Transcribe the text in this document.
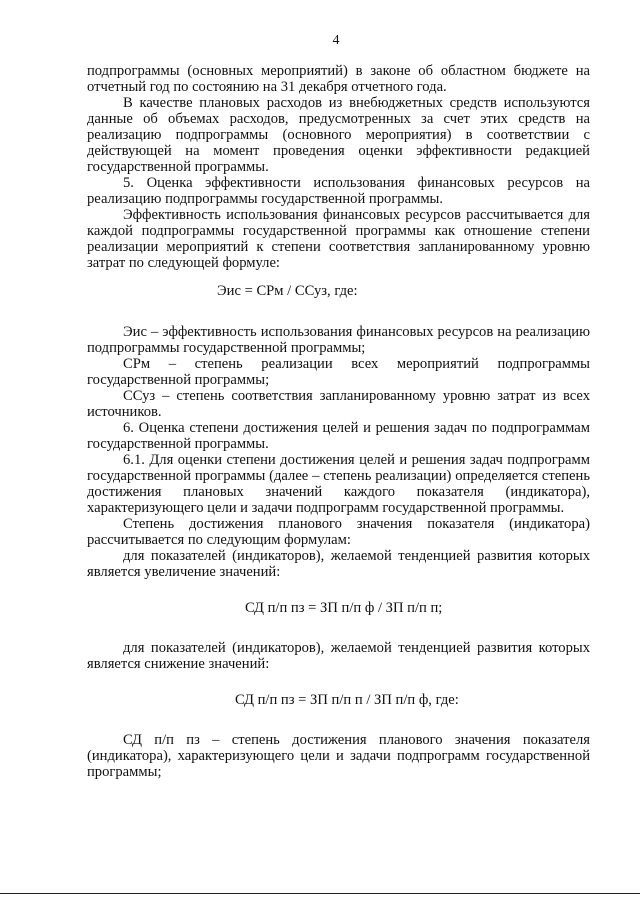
4

подпрограммы (основных мероприятий) в законе об областном бюджете на отчетный год по состоянию на 31 декабря отчетного года.

В качестве плановых расходов из внебюджетных средств используются данные об объемах расходов, предусмотренных за счет этих средств на реализацию подпрограммы (основного мероприятия) в соответствии с действующей на момент проведения оценки эффективности редакцией государственной программы.

5. Оценка эффективности использования финансовых ресурсов на реализацию подпрограммы государственной программы.

Эффективность использования финансовых ресурсов рассчитывается для каждой подпрограммы государственной программы как отношение степени реализации мероприятий к степени соответствия запланированному уровню затрат по следующей формуле:

Эис = СРм / ССуз, где:

Эис – эффективность использования финансовых ресурсов на реализацию подпрограммы государственной программы;

СРм – степень реализации всех мероприятий подпрограммы государственной программы;

ССуз – степень соответствия запланированному уровню затрат из всех источников.

6. Оценка степени достижения целей и решения задач по подпрограммам государственной программы.

6.1. Для оценки степени достижения целей и решения задач подпрограмм государственной программы (далее – степень реализации) определяется степень достижения плановых значений каждого показателя (индикатора), характеризующего цели и задачи подпрограмм государственной программы.

Степень достижения планового значения показателя (индикатора) рассчитывается по следующим формулам:

для показателей (индикаторов), желаемой тенденцией развития которых является увеличение значений:

СД п/п пз = ЗП п/п ф / ЗП п/п п;

для показателей (индикаторов), желаемой тенденцией развития которых является снижение значений:

СД п/п пз = ЗП п/п п / ЗП п/п ф, где:

СД п/п пз – степень достижения планового значения показателя (индикатора), характеризующего цели и задачи подпрограмм государственной программы;
